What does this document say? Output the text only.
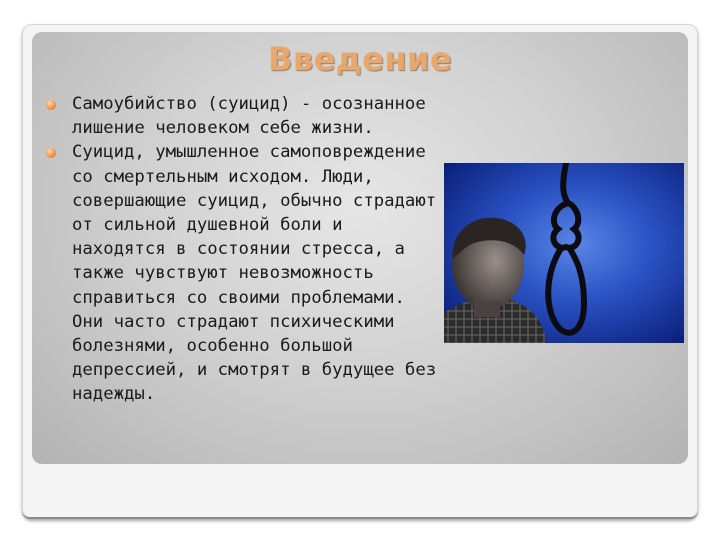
Введение
Самоубийство (суицид) - осознанное лишение человеком себе жизни.
Суицид, умышленное самоповреждение со смертельным исходом. Люди, совершающие суицид, обычно страдают от сильной душевной боли и находятся в состоянии стресса, а также чувствуют невозможность справиться со своими проблемами. Они часто страдают психическими болезнями, особенно большой депрессией, и смотрят в будущее без надежды.
